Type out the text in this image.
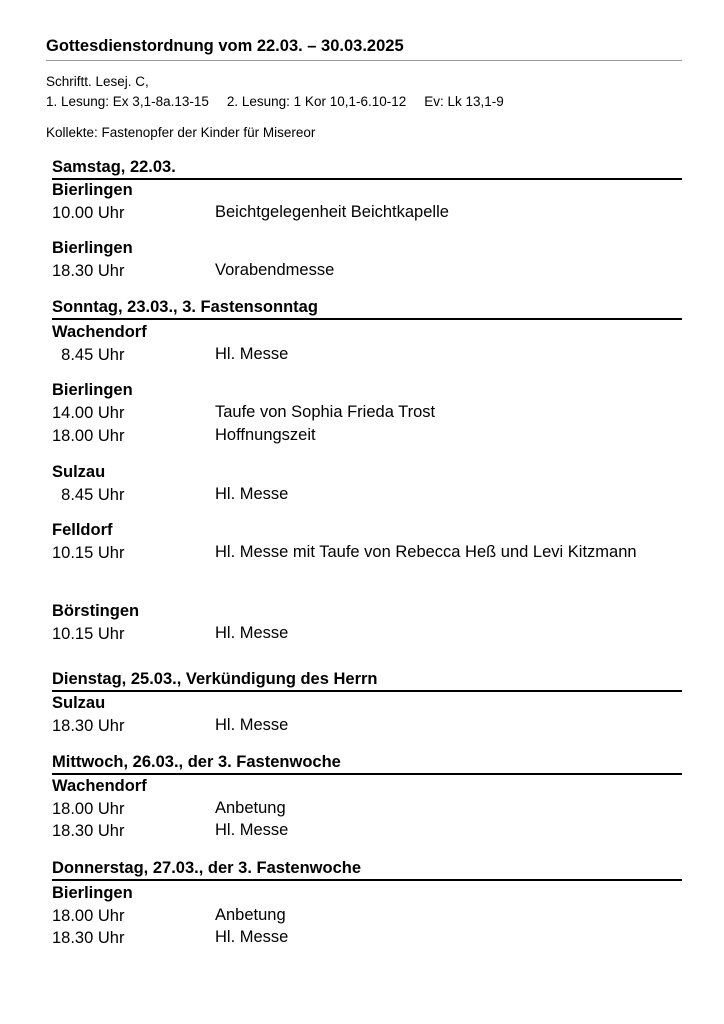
Gottesdienstordnung vom 22.03. – 30.03.2025
Schriftt. Lesej. C,
1. Lesung: Ex 3,1-8a.13-15 2. Lesung: 1 Kor 10,1-6.10-12 Ev: Lk 13,1-9
Kollekte: Fastenopfer der Kinder für Misereor
Samstag, 22.03.
Bierlingen
10.00 Uhr	Beichtgelegenheit Beichtkapelle
Bierlingen
18.30 Uhr	Vorabendmesse
Sonntag, 23.03., 3. Fastensonntag
Wachendorf
8.45 Uhr	Hl. Messe
Bierlingen
14.00 Uhr	Taufe von Sophia Frieda Trost
18.00 Uhr	Hoffnungszeit
Sulzau
8.45 Uhr	Hl. Messe
Felldorf
10.15 Uhr	Hl. Messe mit Taufe von Rebecca Heß und Levi Kitzmann
Börstingen
10.15 Uhr	Hl. Messe
Dienstag, 25.03., Verkündigung des Herrn
Sulzau
18.30 Uhr	Hl. Messe
Mittwoch, 26.03., der 3. Fastenwoche
Wachendorf
18.00 Uhr	Anbetung
18.30 Uhr	Hl. Messe
Donnerstag, 27.03., der 3. Fastenwoche
Bierlingen
18.00 Uhr	Anbetung
18.30 Uhr	Hl. Messe
